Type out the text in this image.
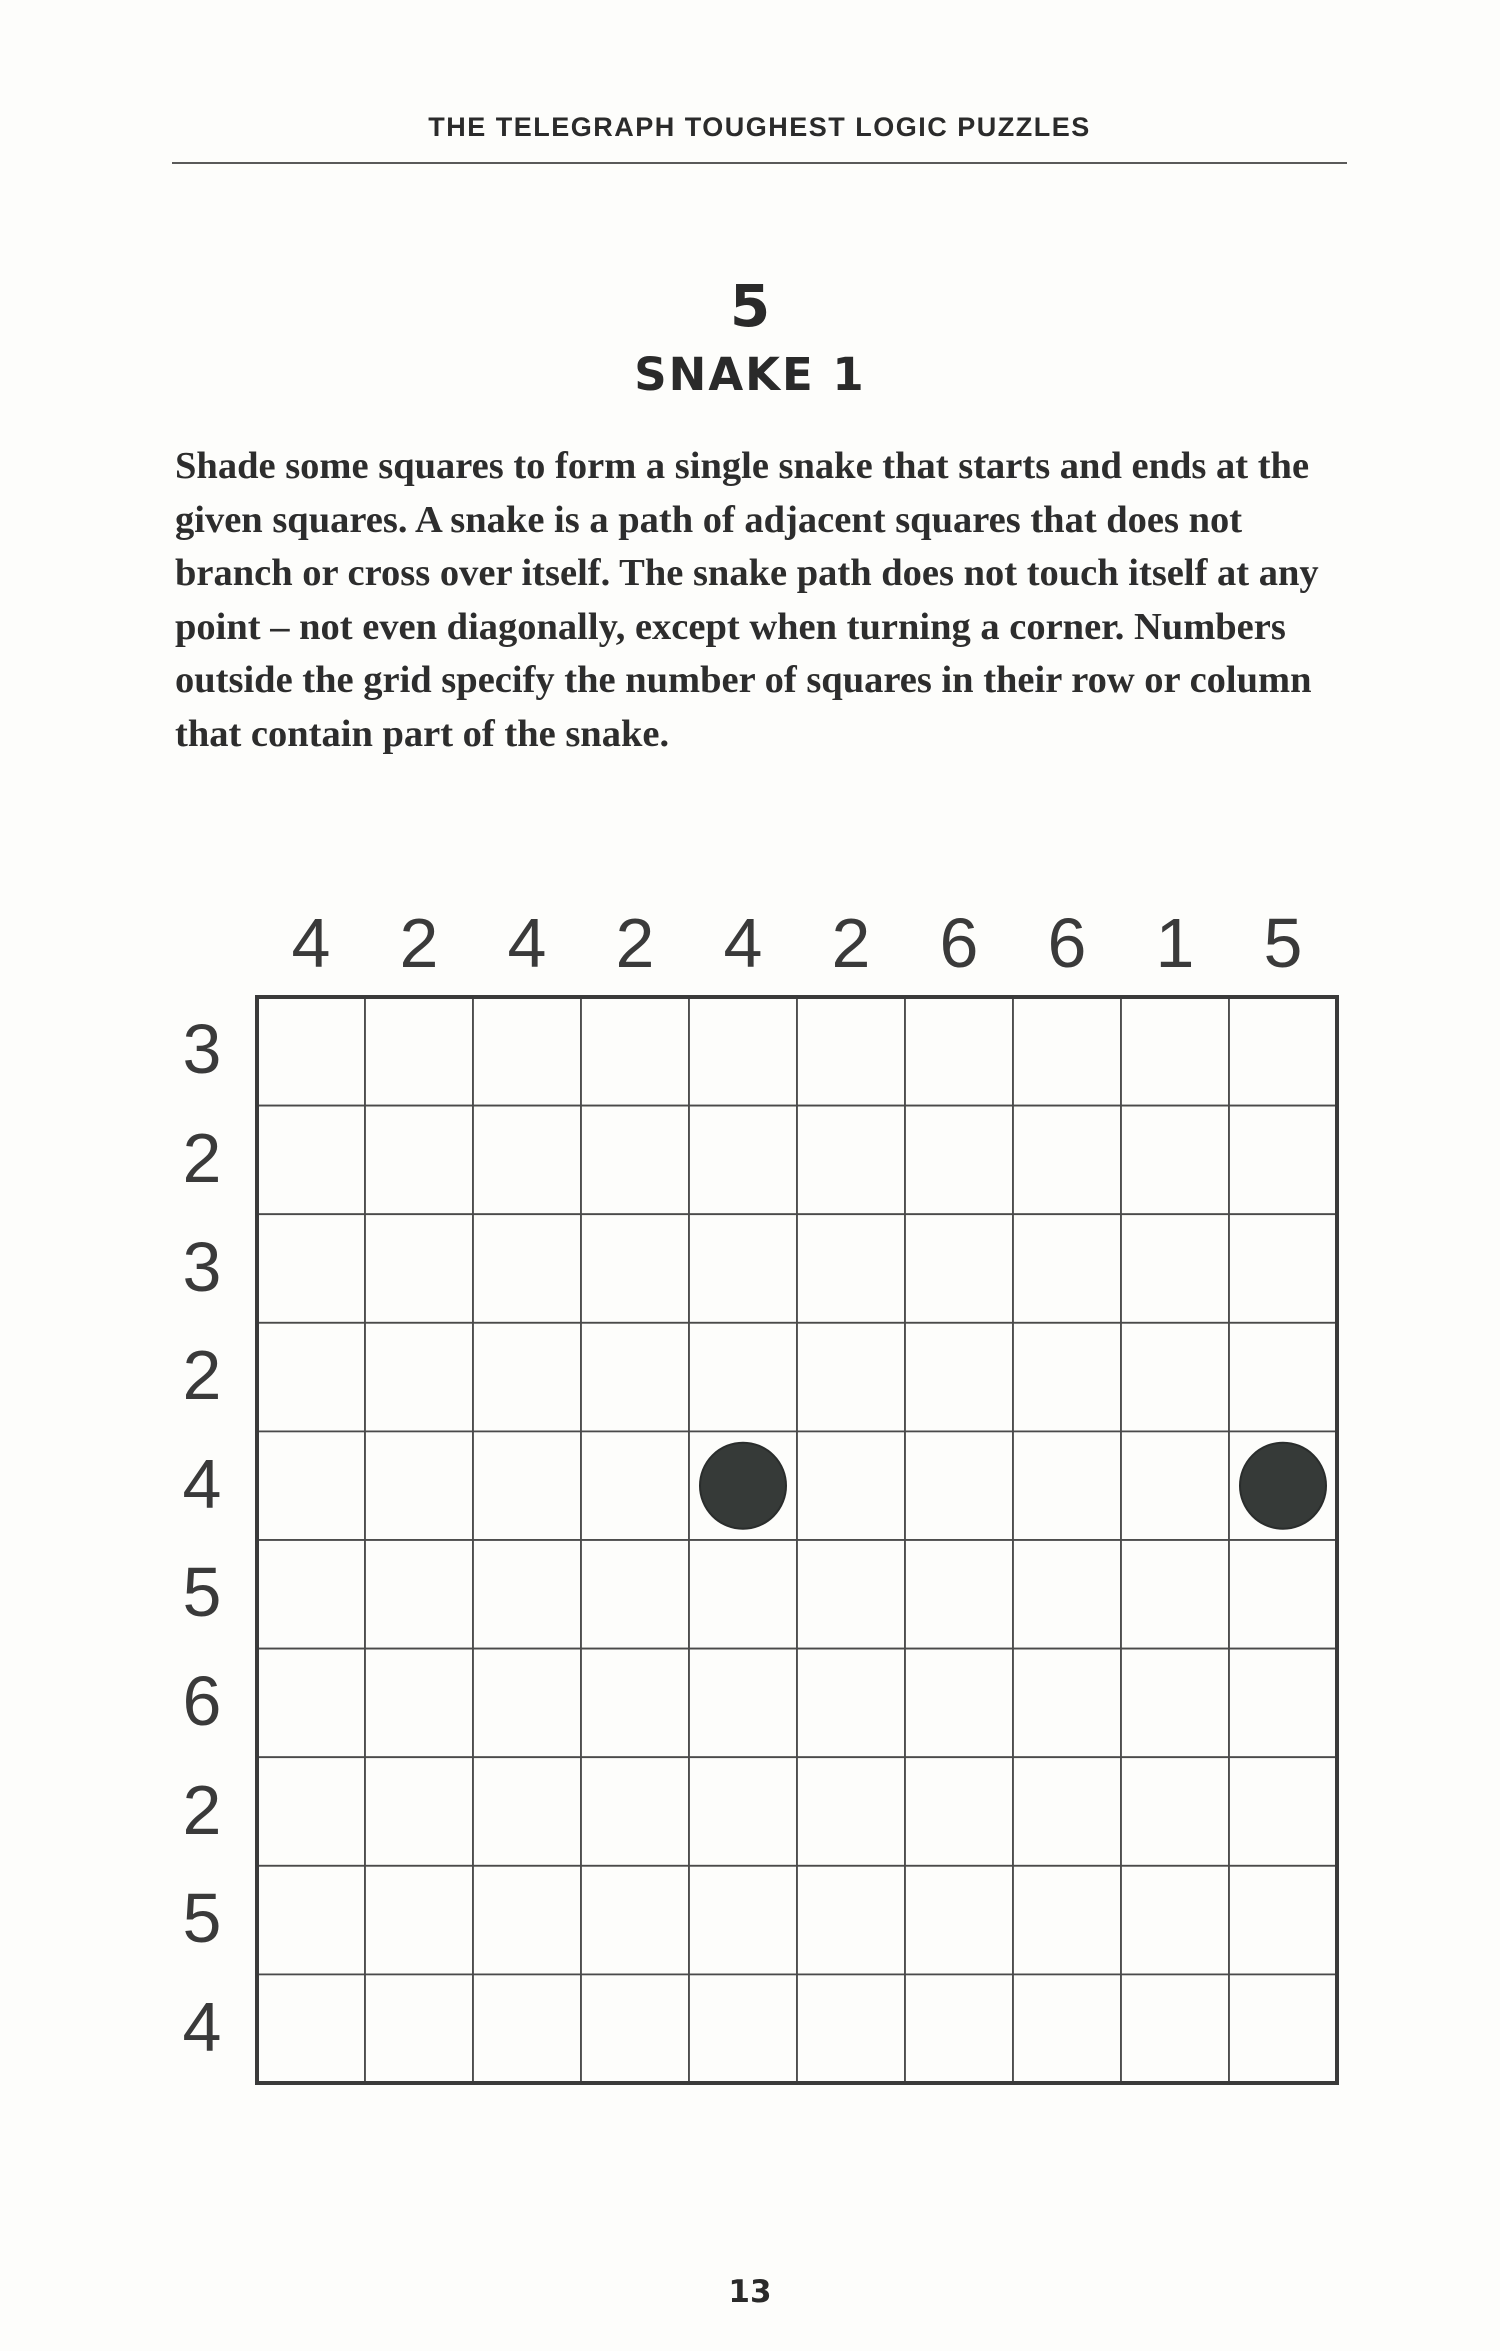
THE TELEGRAPH TOUGHEST LOGIC PUZZLES
5
SNAKE 1

Shade some squares to form a single snake that starts and ends at the given squares. A snake is a path of adjacent squares that does not branch or cross over itself. The snake path does not touch itself at any point – not even diagonally, except when turning a corner. Numbers outside the grid specify the number of squares in their row or column that contain part of the snake.

4 2 4 2 4 2 6 6 1 5
3
2
3
2
4
5
6
2
5
4
13
